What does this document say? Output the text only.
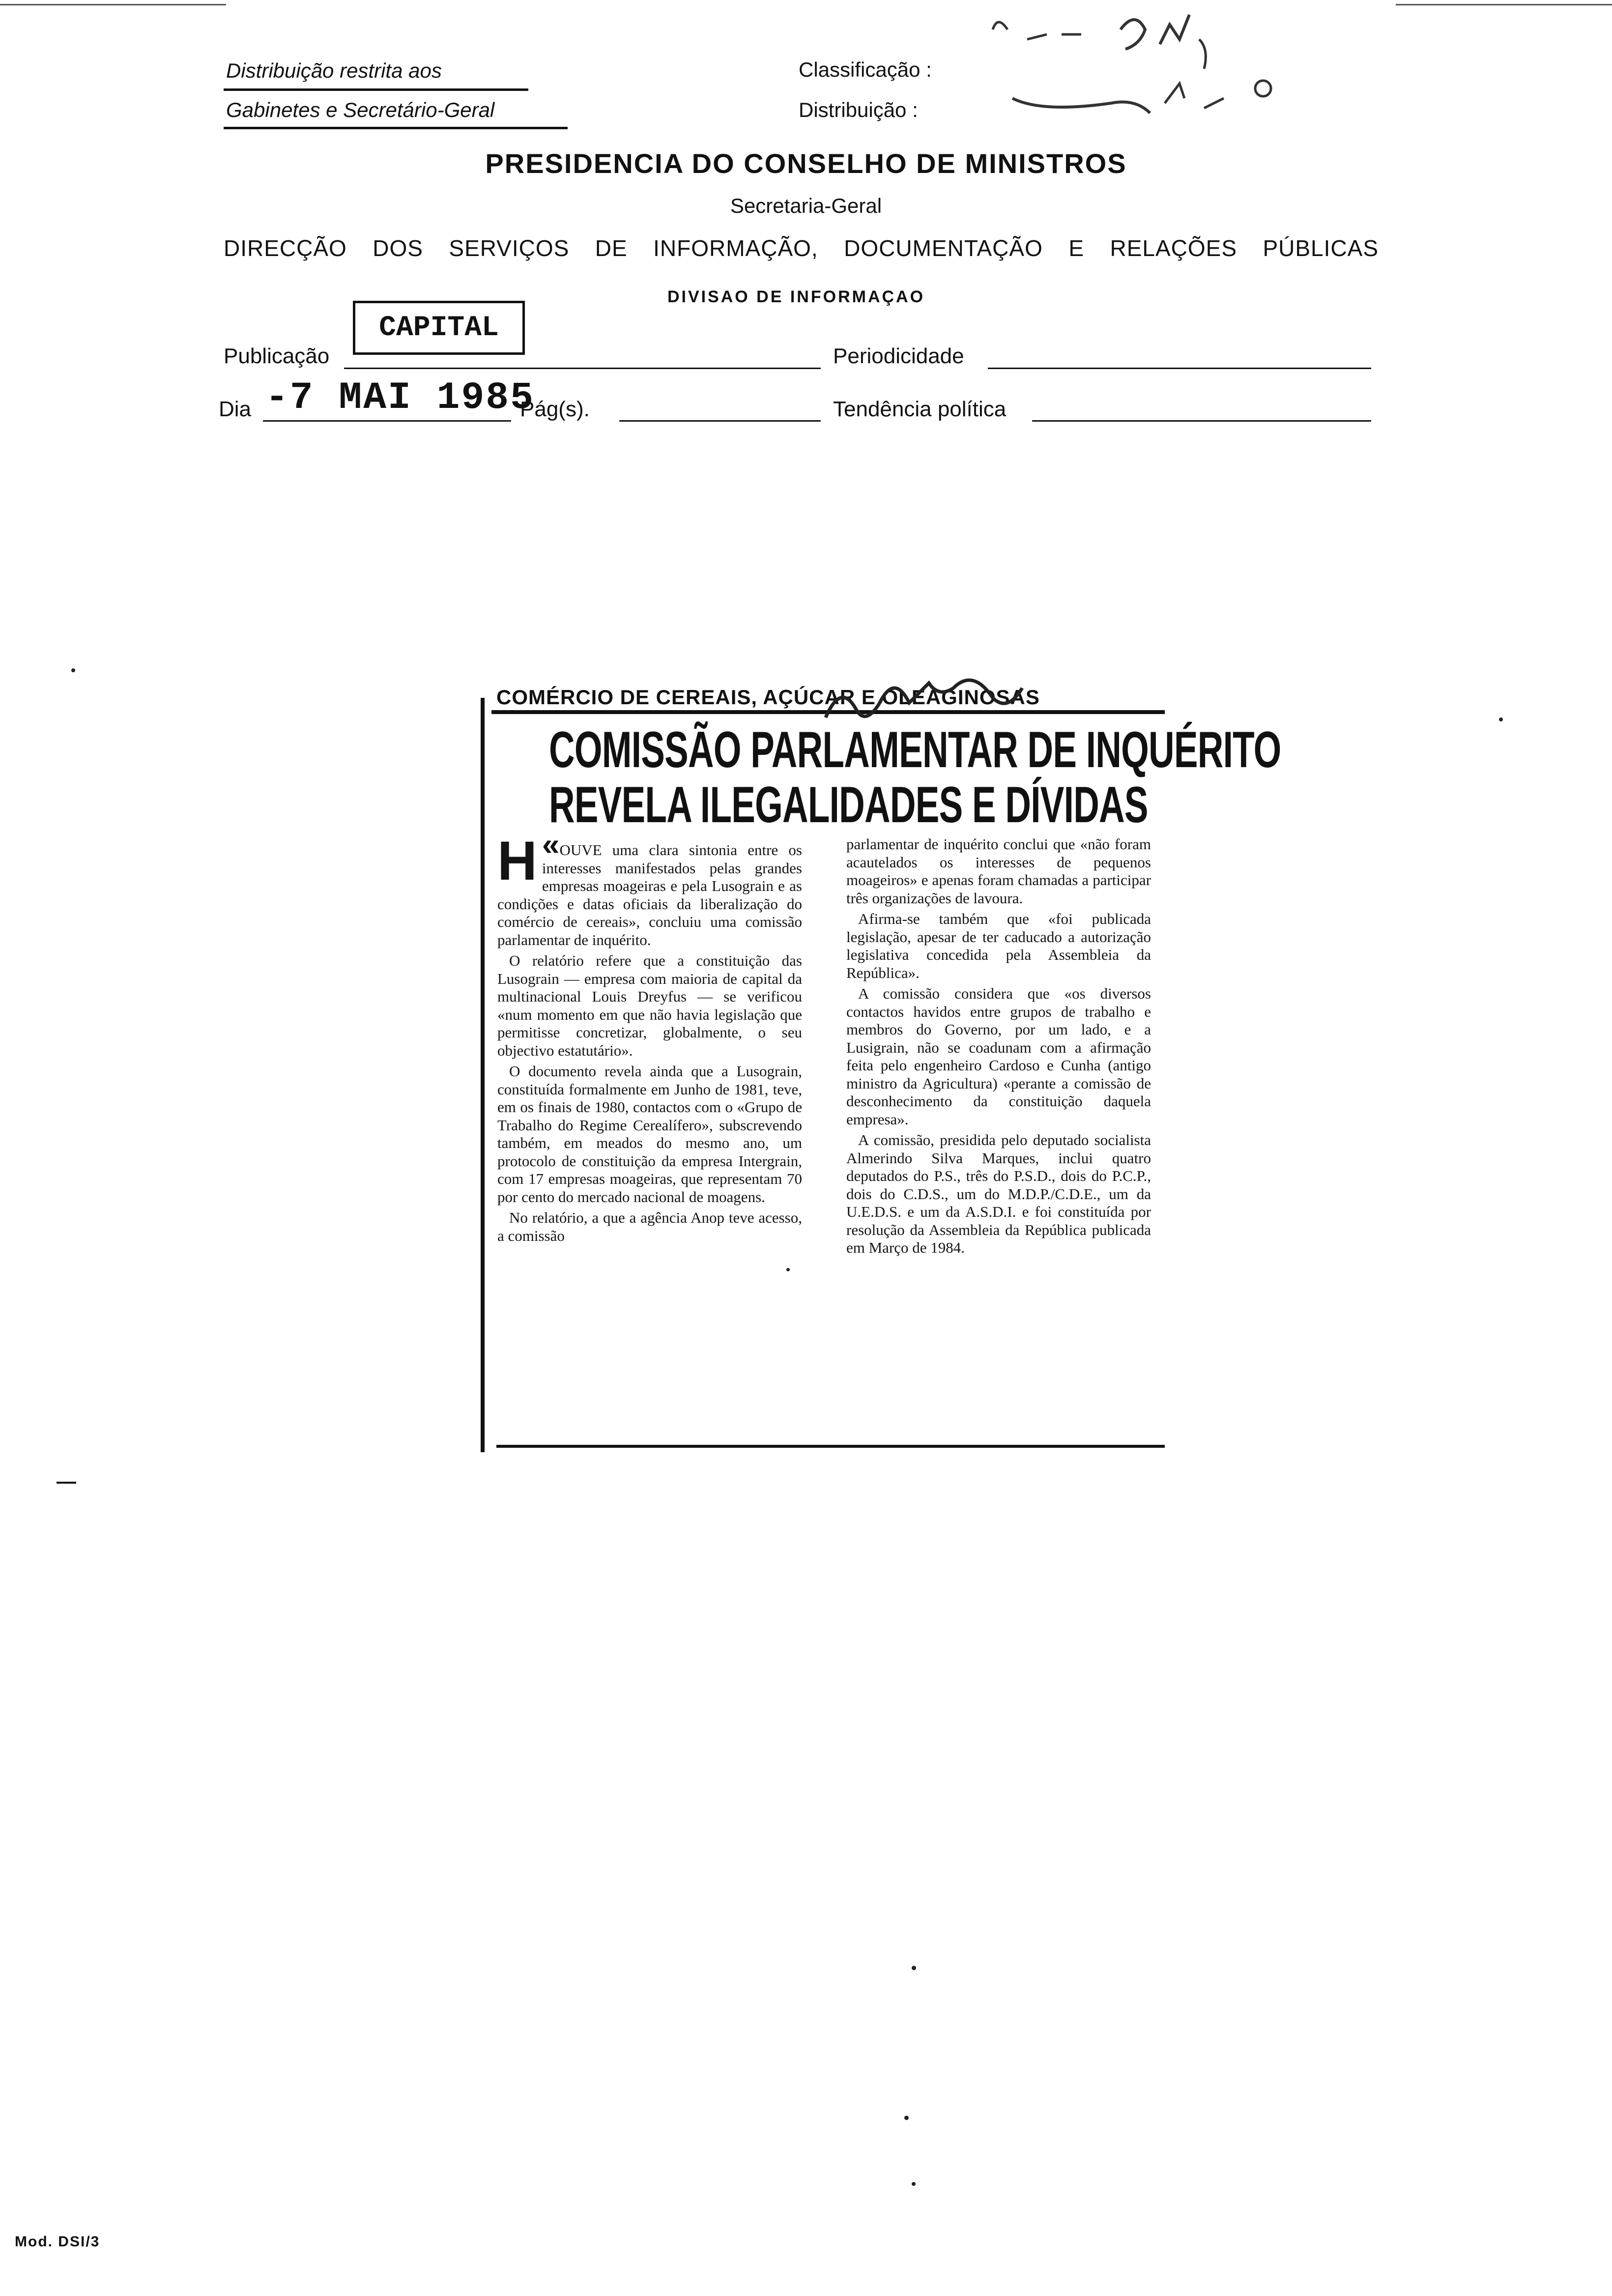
Distribuição restrita aos
Gabinetes e Secretário-Geral
Classificação :
Distribuição :
PRESIDENCIA DO CONSELHO DE MINISTROS
Secretaria-Geral
DIRECÇÃO DOS SERVIÇOS DE INFORMAÇÃO, DOCUMENTAÇÃO E RELAÇÕES PÚBLICAS
DIVISAO DE INFORMAÇAO
Publicação
CAPITAL
Periodicidade
Dia -7 MAI 1985
Pág(s).	Tendência política
COMÉRCIO DE CEREAIS, AÇÚCAR E OLEAGINOSAS
COMISSÃO PARLAMENTAR DE INQUÉRITO
REVELA ILEGALIDADES E DÍVIDAS

«
H OUVE uma clara sintonia entre os interesses manifestados pelas grandes empresas moageiras e pela Lusograin e as condições e datas oficiais da liberalização do comércio de cereais», concluiu uma comissão parlamentar de inquérito.

O relatório refere que a constituição das Lusograin — empresa com maioria de capital da multinacional Louis Dreyfus — se verificou «num momento em que não havia legislação que permitisse concretizar, globalmente, o seu objectivo estatutário».

O documento revela ainda que a Lusograin, constituída formalmente em Junho de 1981, teve, em os finais de 1980, contactos com o «Grupo de Trabalho do Regime Cerealífero», subscrevendo também, em meados do mesmo ano, um protocolo de constituição da empresa Intergrain, com 17 empresas moageiras, que representam 70 por cento do mercado nacional de moagens.

No relatório, a que a agência Anop teve acesso, a comissão

parlamentar de inquérito conclui que «não foram acautelados os interesses de pequenos moageiros» e apenas foram chamadas a participar três organizações de lavoura.

Afirma-se também que «foi publicada legislação, apesar de ter caducado a autorização legislativa concedida pela Assembleia da República».

A comissão considera que «os diversos contactos havidos entre grupos de trabalho e membros do Governo, por um lado, e a Lusigrain, não se coadunam com a afirmação feita pelo engenheiro Cardoso e Cunha (antigo ministro da Agricultura) «perante a comissão de desconhecimento da constituição daquela empresa».

A comissão, presidida pelo deputado socialista Almerindo Silva Marques, inclui quatro deputados do P.S., três do P.S.D., dois do P.C.P., dois do C.D.S., um do M.D.P./C.D.E., um da U.E.D.S. e um da A.S.D.I. e foi constituída por resolução da Assembleia da República publicada em Março de 1984.

Mod. DSI/3
